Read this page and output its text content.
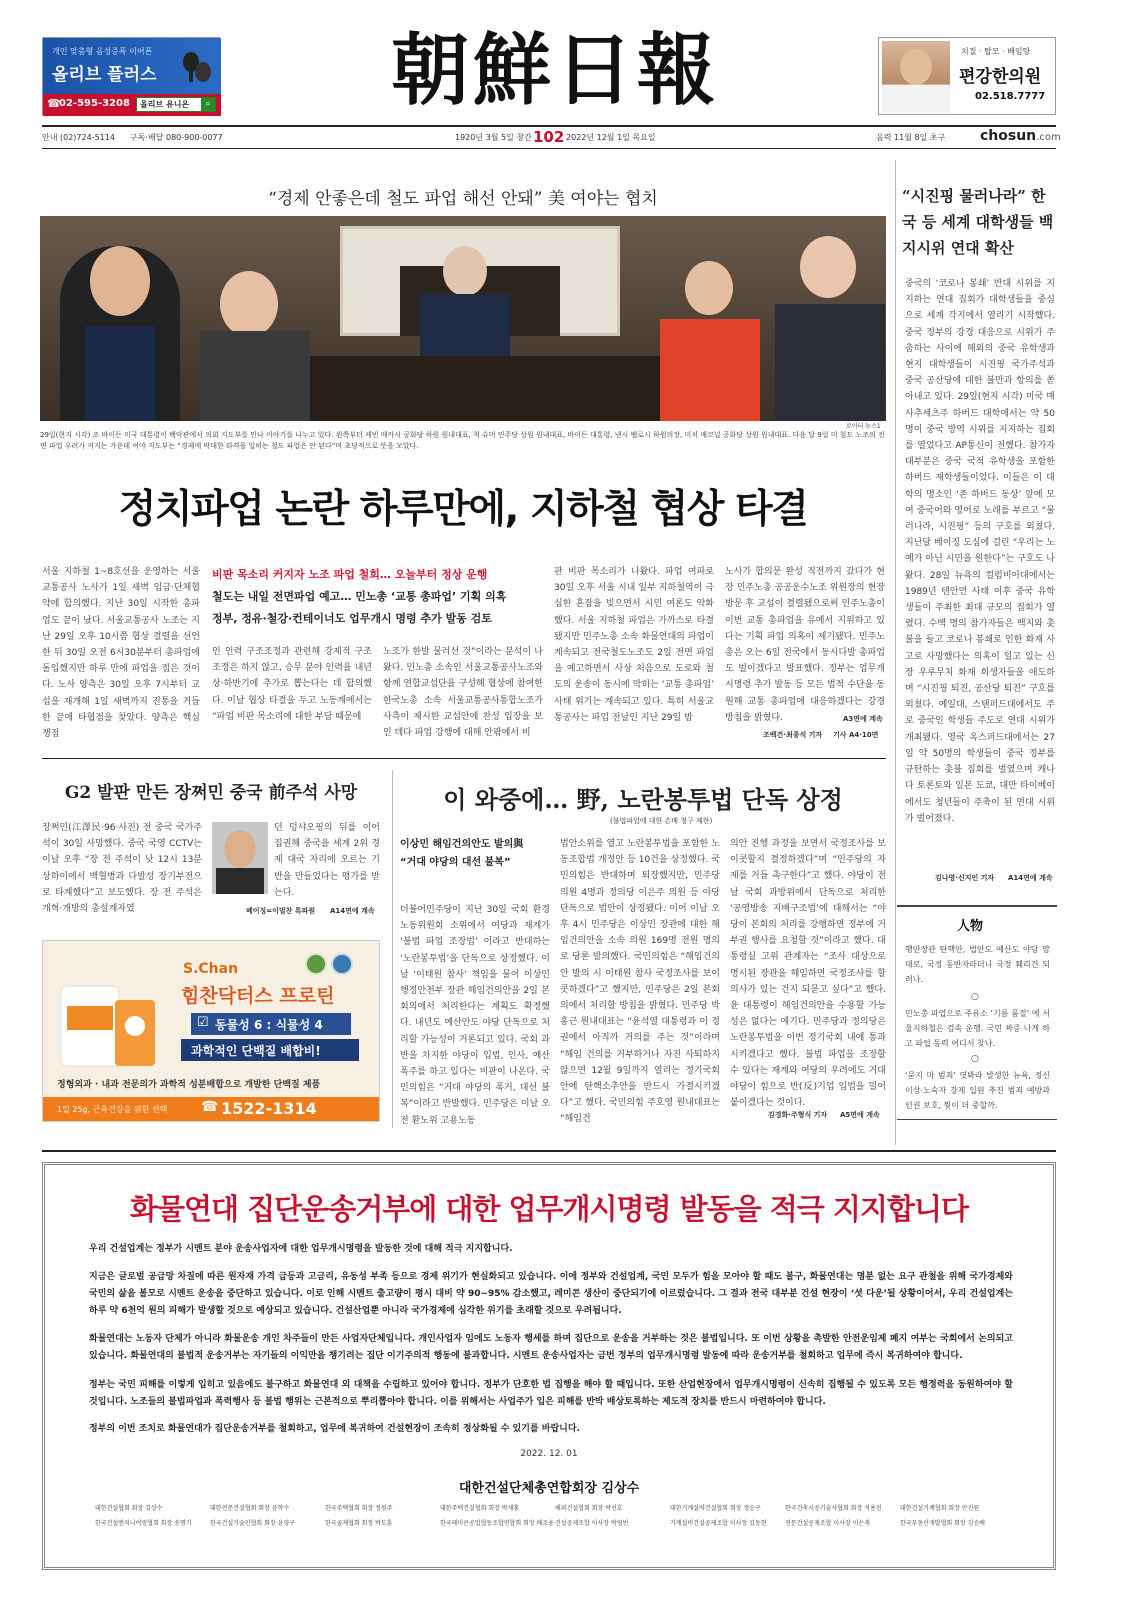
개인 맞춤형 음성증폭 이어폰
올리브 플러스
☎
02-595-3208 올리브 유니온	⌕	朝鮮日報	치질 · 탈모 · 배임탕
편강한의원
02.518.7777
안내 (02)724-5114 구독·배달 080-900-0077	1920년 3월 5일 창간 102 2022년 12월 1일 목요일	음력 11월 8일 초구 chosun.com
“경제 안좋은데 철도 파업 해선 안돼” 美 여야는 협치
로이터 뉴스1

29일(현지 시각) 조 바이든 미국 대통령이 백악관에서 의회 지도부를 만나 이야기를 나누고 있다. 왼쪽부터 케빈 매카시 공화당 하원 원내대표, 척 슈머 민주당 상원 원내대표, 바이든 대통령, 낸시 펠로시 하원의장, 미치 매코널 공화당 상원 원내대표. 다음 달 9일 미 철도 노조의 전면 파업 우려가 커지는 가운데 여야 지도부는 “경제에 막대한 타격을 입히는 철도 파업은 안 된다”며 초당적으로 뜻을 모았다.

정치파업 논란 하루만에, 지하철 협상 타결

서울 지하철 1~8호선을 운영하는 서울교통공사 노사가 1일 새벽 임금·단체협약에 합의했다. 지난 30일 시작한 총파업도 끝이 났다. 서울교통공사 노조는 지난 29일 오후 10시쯤 협상 결렬을 선언한 뒤 30일 오전 6시30분부터 총파업에 돌입했지만 하루 만에 파업을 접은 것이다. 노사 양측은 30일 오후 7시부터 교섭을 재개해 1일 새벽까지 진통을 거듭한 끝에 타협점을 찾았다. 양측은 핵심 쟁점

비판 목소리 커지자 노조 파업 철회… 오늘부터 정상 운행

철도는 내일 전면파업 예고… 민노총 ‘교통 총파업’ 기획 의혹

정부, 정유·철강·컨테이너도 업무개시 명령 추가 발동 검토

인 인력 구조조정과 관련해 강제적 구조조정은 하지 않고, 승무 분야 인력을 내년 상·하반기에 추가로 뽑는다는 데 합의했다. 이날 협상 타결을 두고 노동계에서는 “파업 비판 목소리에 대한 부담 때문에

노조가 한발 물러선 것”이라는 분석이 나왔다. 민노총 소속인 서울교통공사노조와 함께 연합교섭단을 구성해 협상에 참여한 한국노총 소속 서울교통공사통합노조가 사측이 제시한 교섭안에 찬성 입장을 보인 데다 파업 강행에 대해 안팎에서 비

판 비판 목소리가 나왔다. 파업 여파로 30일 오후 서울 시내 일부 지하철역이 극심한 혼잡을 빚으면서 시민 여론도 악화했다. 서울 지하철 파업은 가까스로 타결됐지만 민주노총 소속 화물연대의 파업이 계속되고 전국철도노조도 2일 전면 파업을 예고하면서 사상 처음으로 도로와 철도의 운송이 동시에 막히는 ‘교통 총파업’ 사태 위기는 계속되고 있다. 특히 서울교통공사는 파업 전날인 지난 29일 밤

노사가 합의문 완성 직전까지 갔다가 현장 민주노총 공공운수노조 위원장의 현장 방문 후 교섭이 결렬됐으로써 민주노총이 이번 교통 총파업을 유예서 지위하고 있다는 기획 파업 의혹이 제기됐다. 민주노총은 오는 6일 전국에서 동시다발 총파업도 벌이겠다고 발표했다. 정부는 업무개시명령 추가 발동 등 모든 법적 수단을 동원해 교통 총파업에 대응하겠다는 강경 방침을 밝혔다.	A3면에 계속
조백건·최종석 기자 기사 A4·10면
“시진핑 물러나라” 한국 등 세계 대학생들 백지시위 연대 확산

중국의 ‘코로나 봉쇄’ 반대 시위를 지지하는 연대 집회가 대학생들을 중심으로 세계 각지에서 열리기 시작했다. 중국 정부의 강경 대응으로 시위가 주춤하는 사이에 해외의 중국 유학생과 현지 대학생들이 시진핑 국가주석과 중국 공산당에 대한 불만과 항의를 쏟아내고 있다. 29일(현지 시각) 미국 매사추세츠주 하버드 대학에서는 약 50명이 중국 방역 시위를 지지하는 집회를 열었다고 AP통신이 전했다. 참가자 대부분은 중국 국적 유학생을 포함한 하버드 재학생들이었다. 이들은 이 대학의 명소인 ‘존 하버드 동상’ 앞에 모여 중국어와 영어로 노래를 부르고 “물러나라, 시진핑” 등의 구호를 외쳤다. 지난달 베이징 도심에 걸린 “우리는 노예가 아닌 시민을 원한다”는 구호도 나왔다. 28일 뉴욕의 컬럼비아대에서는 1989년 텐안먼 사태 이후 중국 유학생들이 주최한 최대 규모의 집회가 열렸다. 수백 명의 참가자들은 백지와 촛불을 들고 코로나 봉쇄로 인한 화재 사고로 사망했다는 의혹이 일고 있는 신장 우루무치 화재 희생자들을 애도하며 “시진핑 퇴진, 공산당 퇴진” 구호를 외쳤다. 예일대, 스탠퍼드대에서도 주로 중국인 학생들 주도로 연대 시위가 개최됐다. 영국 옥스퍼드대에서는 27일 약 50명의 학생들이 중국 정부를 규탄하는 촛불 집회를 벌였으며 캐나다 토론토와 일본 도쿄, 대만 타이베이에서도 청년들이 주축이 된 연대 시위가 벌어졌다.

김나영·신지인 기자 A14면에 계속
人物

행안장관 탄핵안, 법안도 예산도 야당 맘대로, 국정 동반자라더니 국정 훼리건 되려나.

○

민노총 파업으로 주유소 ‘기름 품절’ 에 서울지하철은 검속 운행. 국민 짜증 나게 하고 파업 동력 어디서 찾나.

○

‘묻지 마 범죄’ 엿봐라 발생한 뉴욕, 정신이상·노숙자 강제 입원 추진 범죄 예방과 인권 보호, 뭣이 더 중할까.

G2 발판 만든 장쩌민 중국 前주석 사망

장쩌민(江澤民·96·사진) 전 중국 국가주석이 30일 사망했다. 중국 국영 CCTV는 이날 오후 “장 전 주석이 낮 12시 13분 상하이에서 백혈병과 다발성 장기부전으로 타계했다”고 보도했다. 장 전 주석은 개혁·개방의 총설계자였

던 덩샤오핑의 뒤를 이어 집권해 중국을 세계 2위 경제 대국 자리에 오르는 기반을 만들었다는 평가를 받는다.

베이징=이벌찬 특파원 A14면에 계속
S.Chan
힘찬닥터스 프로틴
☑ 동물성 6 : 식물성 4
과학적인 단백질 배합비!
정형외과 · 내과 전문의가 과학적 성분배합으로 개발한 단백질 제품
1일 25g, 근육건강을 위한 선택 ☎ 1522-1314
이 와중에… 野, 노란봉투법 단독 상정
(불법파업에 대한 손배 청구 제한)

이상민 해임건의안도 발의與 “거대 야당의 대선 불복”

더불어민주당이 지난 30일 국회 환경노동위원회 소위에서 여당과 재계가 ‘불법 파업 조장법’ 이라고 반대하는 ‘노란봉투법’을 단독으로 상정했다. 이날 ‘이태원 참사’ 책임을 물어 이상민 행정안전부 장관 해임건의안을 2일 본회의에서 처리한다는 계획도 확정했다. 내년도 예산안도 야당 단독으로 처리할 가능성이 거론되고 있다. 국회 과반을 차지한 야당이 입법, 인사, 예산 폭주를 하고 있다는 비판이 나온다. 국민의힘은 “거대 야당의 폭거, 대선 불복”이라고 반발했다. 민주당은 이날 오전 환노위 고용노동

법안소위를 열고 노란봉투법을 포함한 노동조합법 개정안 등 10건을 상정했다. 국민의힘은 반대하며 퇴장했지만, 민주당 의원 4명과 정의당 이은주 의원 등 야당 단독으로 법안이 상정됐다. 이어 이날 오후 4시 민주당은 이상민 장관에 대한 해임건의안을 소속 의원 169명 전원 명의로 당론 발의했다. 국민의힘은 “해임건의안 발의 시 이태원 참사 국정조사를 보이콧하겠다”고 했지만, 민주당은 2일 본회의에서 처리할 방침을 밝혔다. 민주당 박홍근 원내대표는 “윤석열 대통령과 이 정권에서 아직까 거의를 주는 것”이라며 “해임 건의를 거부하거나 자진 사퇴하지 않으면 12월 9일까지 열리는 정기국회 안에 탄핵소추안을 반드시 가결시키겠다”고 했다. 국민의힘 주호영 원내대표는 “해임건

의안 진행 과정을 보면서 국정조사를 보이콧할지 결정하겠다”며 “민주당의 자제를 거듭 촉구한다”고 했다. 야당이 전날 국회 과방위에서 단독으로 처리한 ‘공영방송 지배구조법’에 대해서는 “야당이 본회의 처리를 강행하면 정부에 거부권 행사를 요청할 것”이라고 했다. 대통령실 고위 관계자는 “조사 대상으로 명시된 장관을 해임하면 국정조사를 할 의사가 있는 건지 되묻고 싶다”고 했다. 윤 대통령이 해임건의안을 수용할 가능성은 없다는 얘기다. 민주당과 정의당은 노란봉투법을 이번 정기국회 내에 통과시키겠다고 했다. 불법 파업을 조장할 수 있다는 재계와 여당의 우려에도 거대 야당이 힘으로 반(反)기업 입법을 밀어붙이겠다는 것이다.

김경화·주형식 기자 A5면에 계속
화물연대 집단운송거부에 대한 업무개시명령 발동을 적극 지지합니다

우리 건설업계는 정부가 시멘트 분야 운송사업자에 대한 업무개시명령을 발동한 것에 대해 적극 지지합니다.

지금은 글로벌 공급망 차질에 따른 원자재 가격 급등과 고금리, 유동성 부족 등으로 경제 위기가 현실화되고 있습니다. 이에 정부와 건설업계, 국민 모두가 힘을 모아야 할 때도 불구, 화물연대는 명분 없는 요구 관철을 위해 국가경제와 국민의 삶을 볼모로 시멘트 운송을 중단하고 있습니다. 이로 인해 시멘트 출고량이 평시 대비 약 90~95% 감소했고, 레미콘 생산이 중단되기에 이르렀습니다. 그 결과 전국 대부분 건설 현장이 ‘셧 다운’될 상황이어서, 우리 건설업계는 하루 약 6천억 원의 피해가 발생할 것으로 예상되고 있습니다. 건설산업뿐 아니라 국가경제에 심각한 위기를 초래할 것으로 우려됩니다.

화물연대는 노동자 단체가 아니라 화물운송 개인 차주들이 만든 사업자단체입니다. 개인사업자 임에도 노동자 행세를 하며 집단으로 운송을 거부하는 것은 불법입니다. 또 이번 상황을 촉발한 안전운임제 폐지 여부는 국회에서 논의되고 있습니다. 화물연대의 불법적 운송거부는 자기들의 이익만을 챙기려는 집단 이기주의적 행동에 불과합니다. 시멘트 운송사업자는 금번 정부의 업무개시명령 발동에 따라 운송거부를 철회하고 업무에 즉시 복귀하여야 합니다.

정부는 국민 피해를 이렇게 입히고 있음에도 불구하고 화물연대 외 대책을 수립하고 있어야 합니다. 정부가 단호한 법 집행을 해야 할 때입니다. 또한 산업현장에서 업무개시명령이 신속히 집행될 수 있도록 모든 행정력을 동원하여야 할 것입니다. 노조들의 불법파업과 폭력행사 등 불법 행위는 근본적으로 뿌리뽑아야 합니다. 이를 위해서는 사업주가 입은 피해를 반박 배상토록하는 제도적 장치를 반드시 마련하여야 합니다.

정부의 이번 조치로 화물연대가 집단운송거부를 철회하고, 업무에 복귀하여 건설현장이 조속히 정상화될 수 있기를 바랍니다.

2022. 12. 01

대한건설단체총연합회장 김상수

대한건설협회 회장 김상수	대한전문건설협회 회장 윤학수	한국주택협회 회장 정원주	대한주택건설협회 회장 박재홍	해외건설협회 회장 박선호	대한기계설비건설협회 회장 정승구	한국건축시공기술사협회 회장 석용진	대한건설기계협회 회장 안진원
한국건설엔지니어링협회 회장 송명기	한국건설기술인협회 회장 윤영구	한국골재협회 회장 박도훈	한국레미콘공업협동조합연합회 회장 배조웅 건설공제조합 이사장 박영빈	기계설비건설공제조합 이사장 김동현	전문건설공제조합 이사장 이은재	한국부동산개발협회 회장 김승배
